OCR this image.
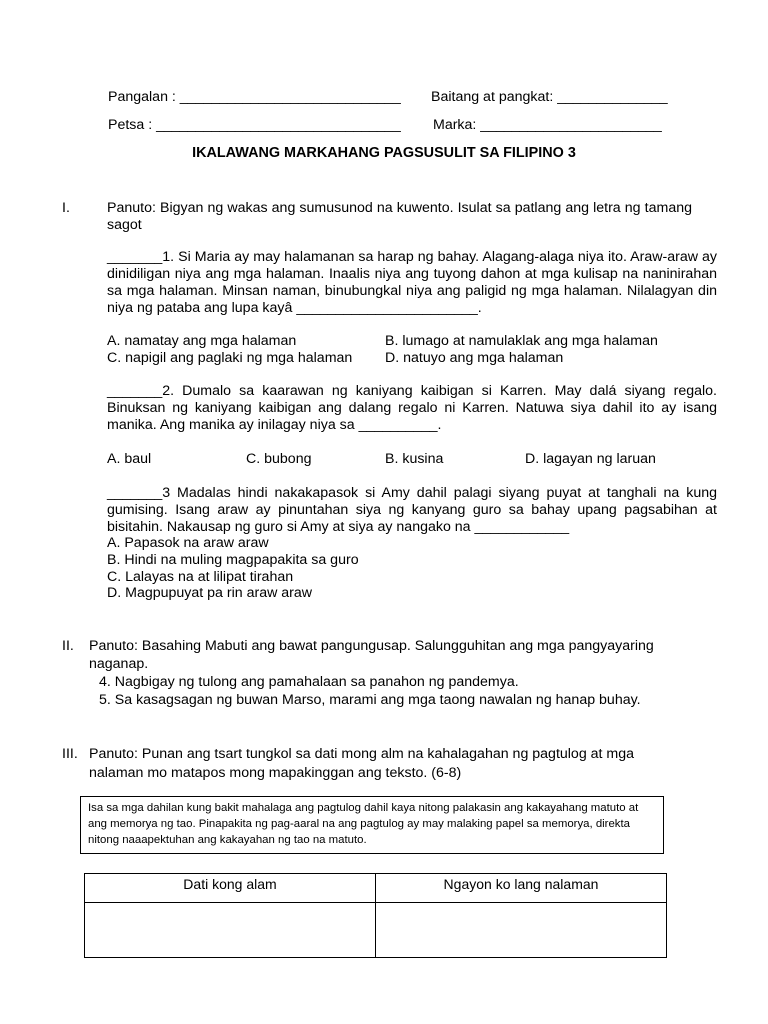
Pangalan : ____________________________ Baitang at pangkat: ______________
Petsa : _______________________________ Marka: _______________________
IKALAWANG MARKAHANG PAGSUSULIT SA FILIPINO 3
I.	Panuto: Bigyan ng wakas ang sumusunod na kuwento. Isulat sa patlang ang letra ng tamang sagot
_______1. Si Maria ay may halamanan sa harap ng bahay. Alagang-alaga niya ito. Araw-araw ay dinidiligan niya ang mga halaman. Inaalis niya ang tuyong dahon at mga kulisap na naninirahan sa mga halaman. Minsan naman, binubungkal niya ang paligid ng mga halaman. Nilalagyan din niya ng pataba ang lupa kayâ _______________________.
A. namatay ang mga halaman	B. lumago at namulaklak ang mga halaman
C. napigil ang paglaki ng mga halaman D. natuyo ang mga halaman
_______2. Dumalo sa kaarawan ng kaniyang kaibigan si Karren. May dalá siyang regalo. Binuksan ng kaniyang kaibigan ang dalang regalo ni Karren. Natuwa siya dahil ito ay isang manika. Ang manika ay inilagay niya sa __________.
A. baul	C. bubong	B. kusina	D. lagayan ng laruan
_______3 Madalas hindi nakakapasok si Amy dahil palagi siyang puyat at tanghali na kung gumising. Isang araw ay pinuntahan siya ng kanyang guro sa bahay upang pagsabihan at bisitahin. Nakausap ng guro si Amy at siya ay nangako na ____________
A. Papasok na araw araw
B. Hindi na muling magpapakita sa guro
C. Lalayas na at lilipat tirahan
D. Magpupuyat pa rin araw araw
II. Panuto: Basahing Mabuti ang bawat pangungusap. Salungguhitan ang mga pangyayaring
naganap.
4. Nagbigay ng tulong ang pamahalaan sa panahon ng pandemya.
5. Sa kasagsagan ng buwan Marso, marami ang mga taong nawalan ng hanap buhay.
III. Panuto: Punan ang tsart tungkol sa dati mong alm na kahalagahan ng pagtulog at mga
nalaman mo matapos mong mapakinggan ang teksto. (6-8)
Isa sa mga dahilan kung bakit mahalaga ang pagtulog dahil kaya nitong palakasin ang kakayahang matuto at ang memorya ng tao. Pinapakita ng pag-aaral na ang pagtulog ay may malaking papel sa memorya, direkta nitong naaapektuhan ang kakayahan ng tao na matuto.
Dati kong alam	Ngayon ko lang nalaman
